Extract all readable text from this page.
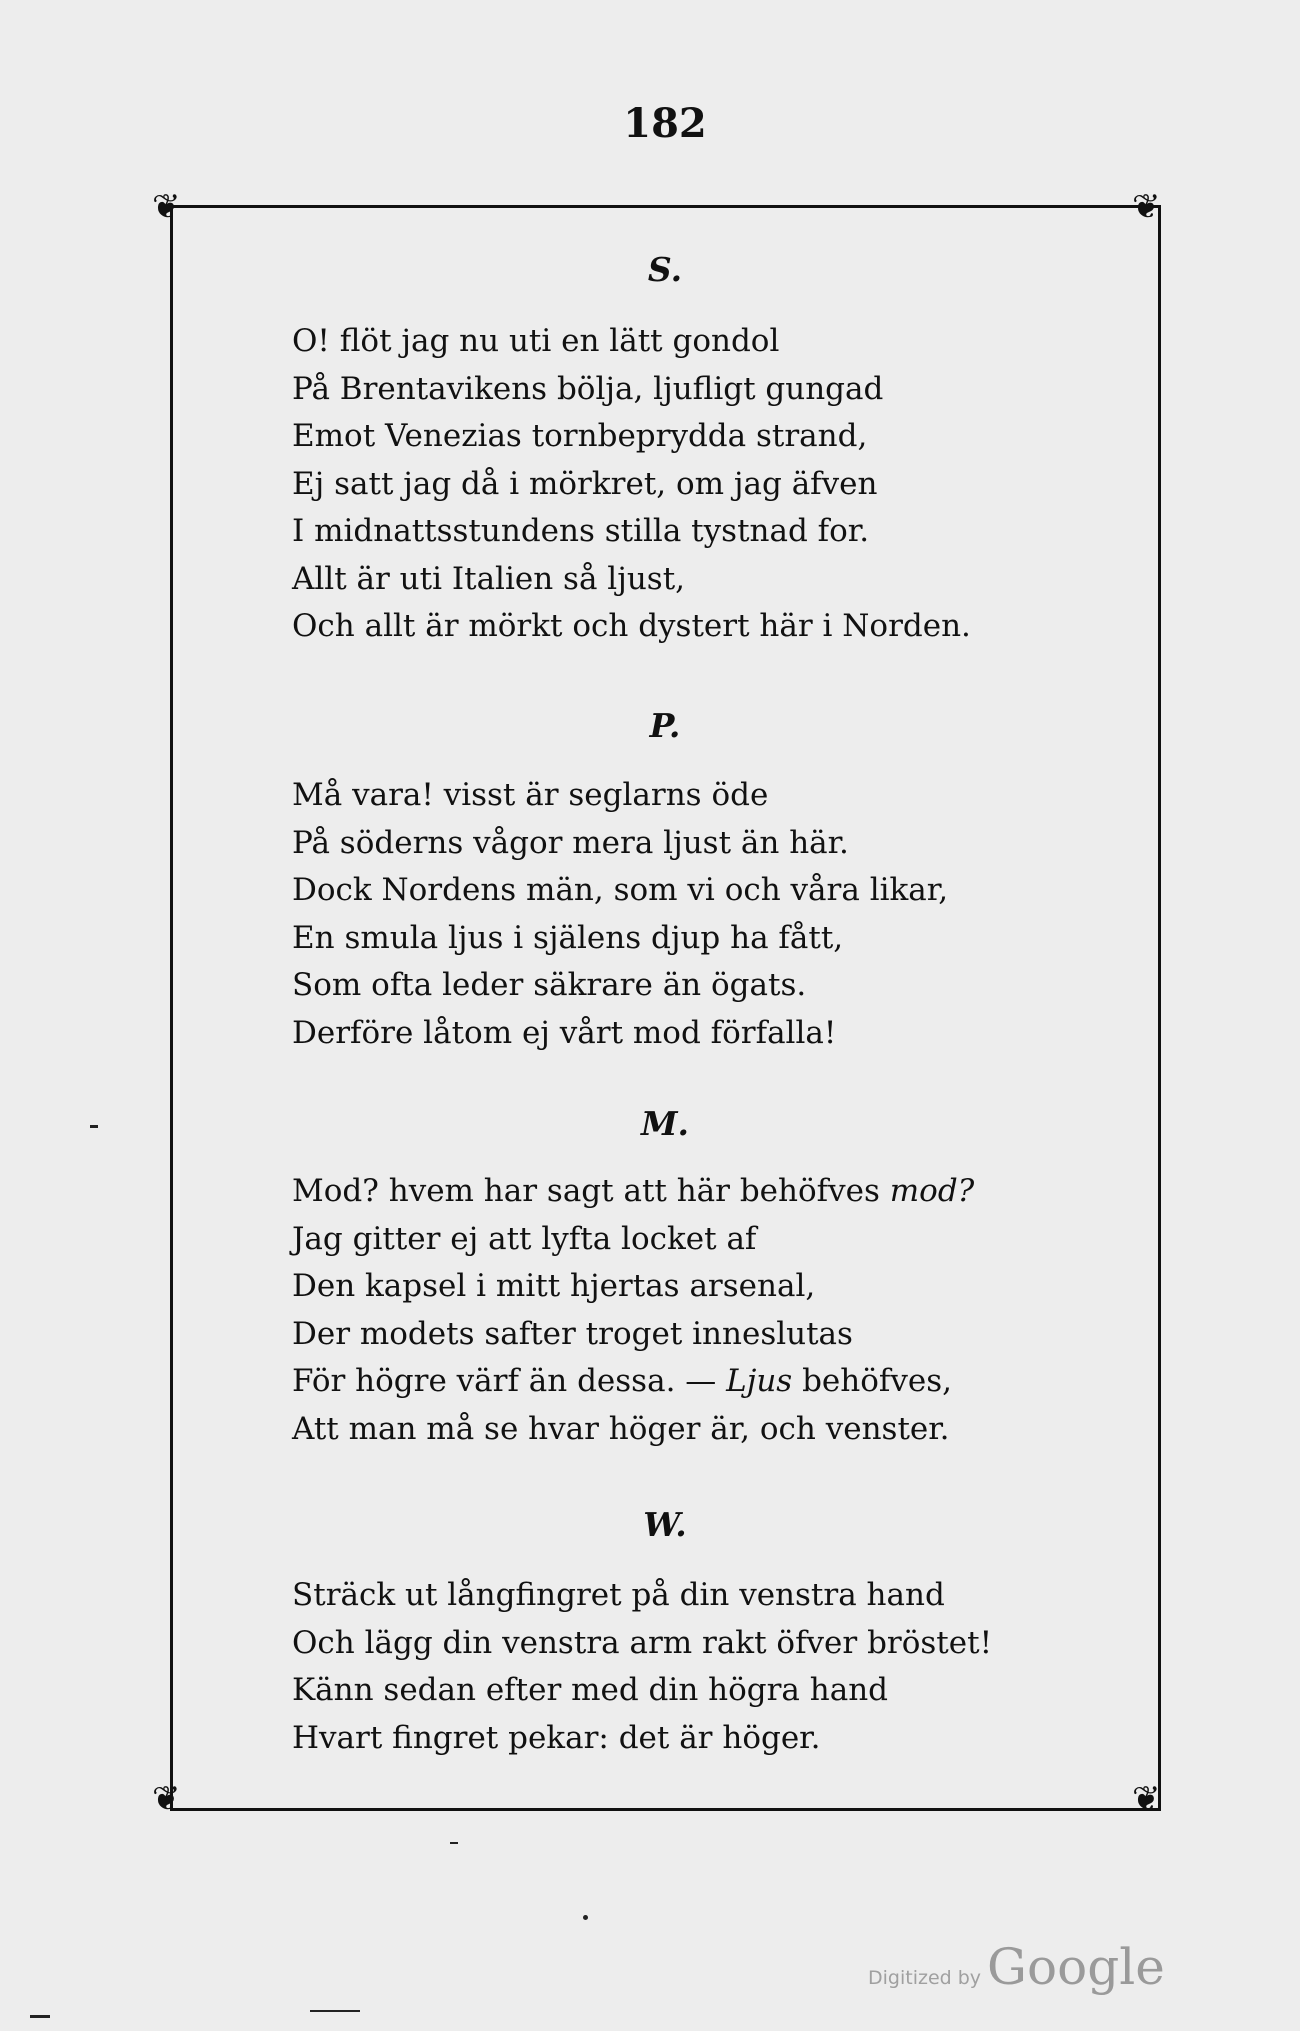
182
❦	❦
❦	❦
S.
O! flöt jag nu uti en lätt gondol
På Brentavikens bölja, ljufligt gungad
Emot Venezias tornbeprydda strand,
Ej satt jag då i mörkret, om jag äfven
I midnattsstundens stilla tystnad for.
Allt är uti Italien så ljust,
Och allt är mörkt och dystert här i Norden.
P.
Må vara! visst är seglarns öde
På söderns vågor mera ljust än här.
Dock Nordens män, som vi och våra likar,
En smula ljus i själens djup ha fått,
Som ofta leder säkrare än ögats.
Derföre låtom ej vårt mod förfalla!
M.
Mod? hvem har sagt att här behöfves mod?
Jag gitter ej att lyfta locket af
Den kapsel i mitt hjertas arsenal,
Der modets safter troget inneslutas
För högre värf än dessa. — Ljus behöfves,
Att man må se hvar höger är, och venster.
W.
Sträck ut långfingret på din venstra hand
Och lägg din venstra arm rakt öfver bröstet!
Känn sedan efter med din högra hand
Hvart fingret pekar: det är höger.
Digitized by Google
